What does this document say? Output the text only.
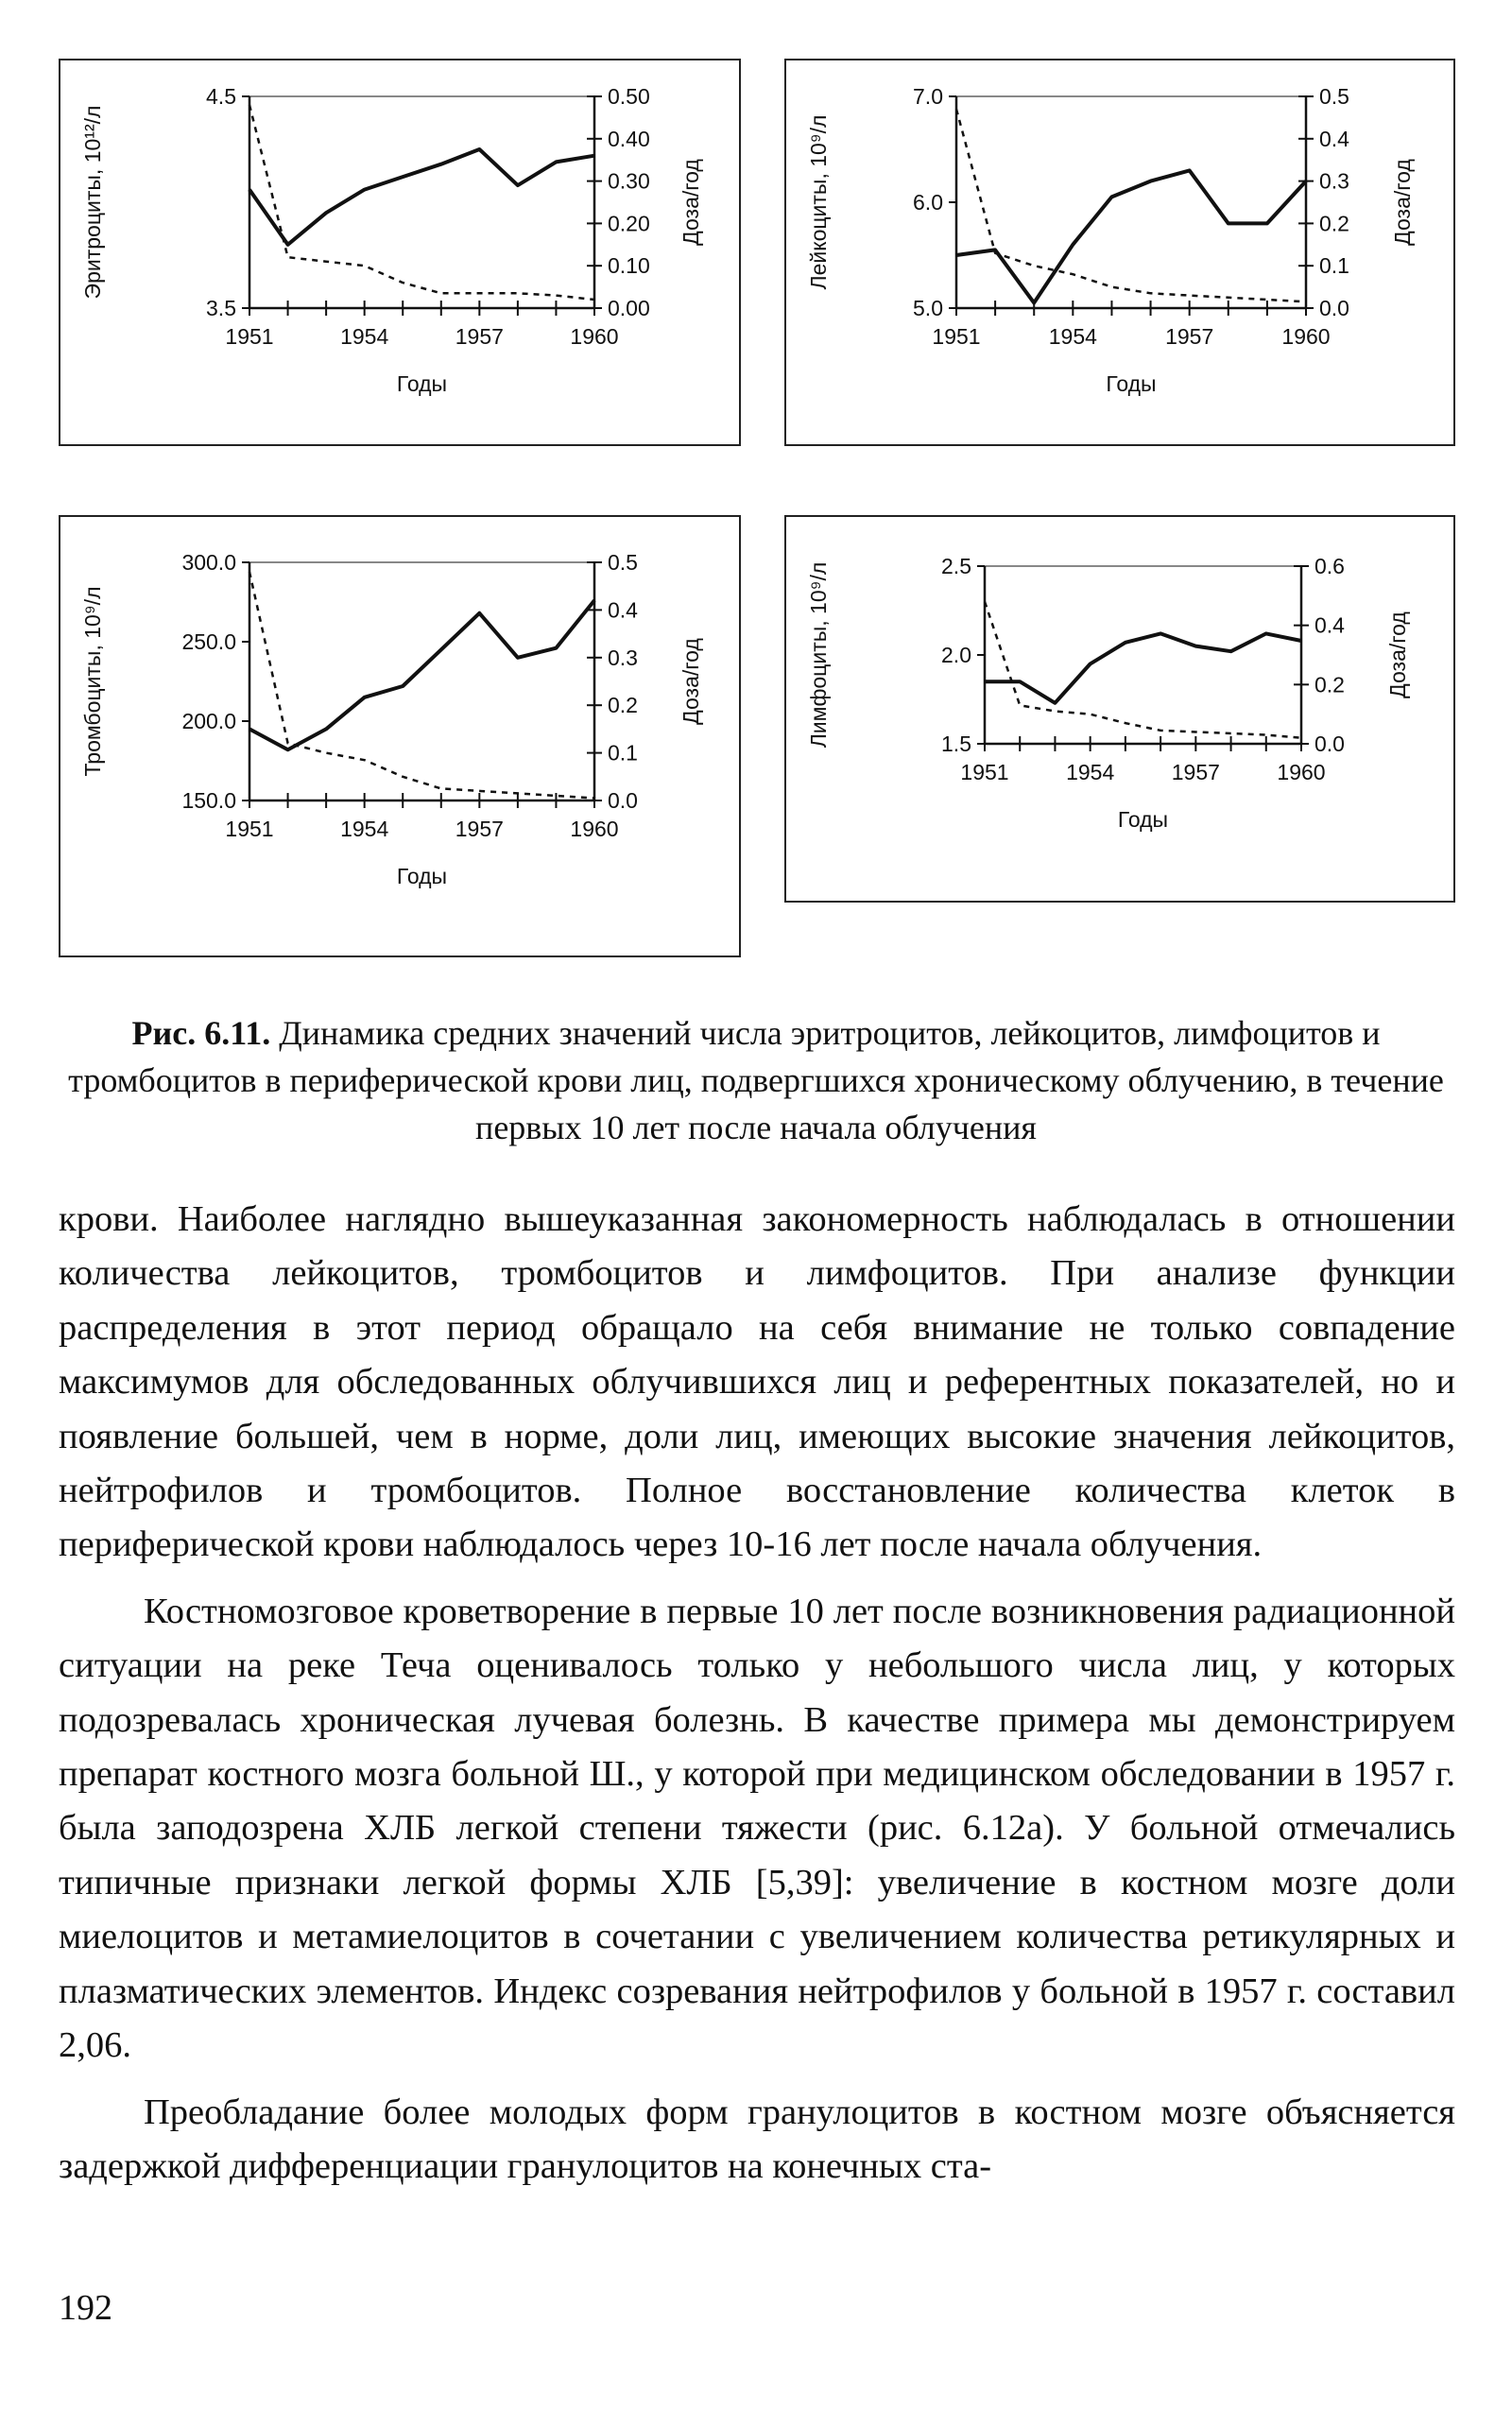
1951	1954	1957	1960
3.5
4.5
0.00
0.10
0.20
0.30
0.40
0.50
Годы
Эритроциты, 10¹²/л	Доза/год
1951	1954	1957	1960
5.0
6.0
7.0
0.0
0.1
0.2
0.3
0.4
0.5
Годы
Лейкоциты, 10⁹/л	Доза/год
1951	1954	1957	1960
150.0
200.0
250.0
300.0
0.0
0.1
0.2
0.3
0.4
0.5
Годы
Тромбоциты, 10⁹/л	Доза/год
1951	1954	1957	1960
1.5
2.0
2.5
0.0
0.2
0.4
0.6
Годы
Лимфоциты, 10⁹/л	Доза/год
Рис. 6.11. Динамика средних значений числа эритроцитов, лейкоцитов, лимфоцитов и тромбоцитов в периферической крови лиц, подвергшихся хроническому облучению, в течение первых 10 лет после начала облучения

крови. Наиболее наглядно вышеуказанная закономерность наблюдалась в отношении количества лейкоцитов, тромбоцитов и лимфоцитов. При анализе функции распределения в этот период обращало на себя внимание не только совпадение максимумов для обследованных облучившихся лиц и референтных показателей, но и появление большей, чем в норме, доли лиц, имеющих высокие значения лейкоцитов, нейтрофилов и тромбоцитов. Полное восстановление количества клеток в периферической крови наблюдалось через 10-16 лет после начала облучения.

Костномозговое кроветворение в первые 10 лет после возникновения радиационной ситуации на реке Теча оценивалось только у небольшого числа лиц, у которых подозревалась хроническая лучевая болезнь. В качестве примера мы демонстрируем препарат костного мозга больной Ш., у которой при медицинском обследовании в 1957 г. была заподозрена ХЛБ легкой степени тяжести (рис. 6.12а). У больной отмечались типичные признаки легкой формы ХЛБ [5,39]: увеличение в костном мозге доли миелоцитов и метамиелоцитов в сочетании с увеличением количества ретикулярных и плазматических элементов. Индекс созревания нейтрофилов у больной в 1957 г. составил 2,06.

Преобладание более молодых форм гранулоцитов в костном мозге объясняется задержкой дифференциации гранулоцитов на конечных ста-

192
